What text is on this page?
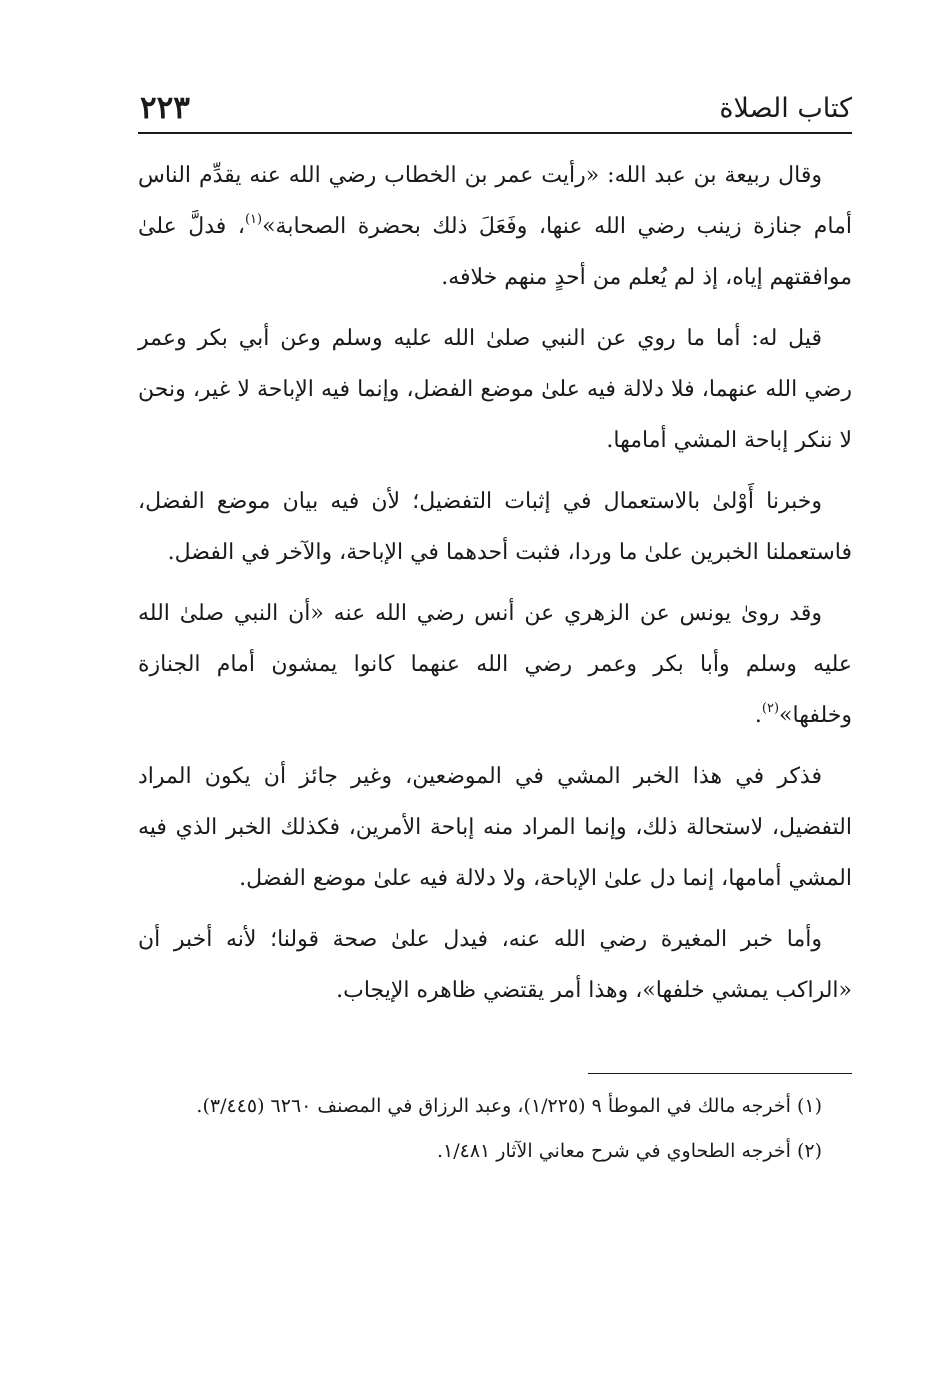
كتاب الصلاة
٢٢٣

وقال ربيعة بن عبد الله: «رأيت عمر بن الخطاب رضي الله عنه يقدِّم الناس أمام جنازة زينب رضي الله عنها، وفَعَلَ ذلك بحضرة الصحابة»$^{(١)}$، فدلَّ علىٰ موافقتهم إياه، إذ لم يُعلم من أحدٍ منهم خلافه.

قيل له: أما ما روي عن النبي صلىٰ الله عليه وسلم وعن أبي بكر وعمر رضي الله عنهما، فلا دلالة فيه علىٰ موضع الفضل، وإنما فيه الإباحة لا غير، ونحن لا ننكر إباحة المشي أمامها.

وخبرنا أَوْلىٰ بالاستعمال في إثبات التفضيل؛ لأن فيه بيان موضع الفضل، فاستعملنا الخبرين علىٰ ما وردا، فثبت أحدهما في الإباحة، والآخر في الفضل.

وقد روىٰ يونس عن الزهري عن أنس رضي الله عنه «أن النبي صلىٰ الله عليه وسلم وأبا بكر وعمر رضي الله عنهما كانوا يمشون أمام الجنازة وخلفها»$^{(٢)}$.

فذكر في هذا الخبر المشي في الموضعين، وغير جائز أن يكون المراد التفضيل، لاستحالة ذلك، وإنما المراد منه إباحة الأمرين، فكذلك الخبر الذي فيه المشي أمامها، إنما دل علىٰ الإباحة، ولا دلالة فيه علىٰ موضع الفضل.

وأما خبر المغيرة رضي الله عنه، فيدل علىٰ صحة قولنا؛ لأنه أخبر أن «الراكب يمشي خلفها»، وهذا أمر يقتضي ظاهره الإيجاب.

(١) أخرجه مالك في الموطأ ٩ (١/٢٢٥)، وعبد الرزاق في المصنف ٦٢٦٠ (٣/٤٤٥).

(٢) أخرجه الطحاوي في شرح معاني الآثار ١/٤٨١.
